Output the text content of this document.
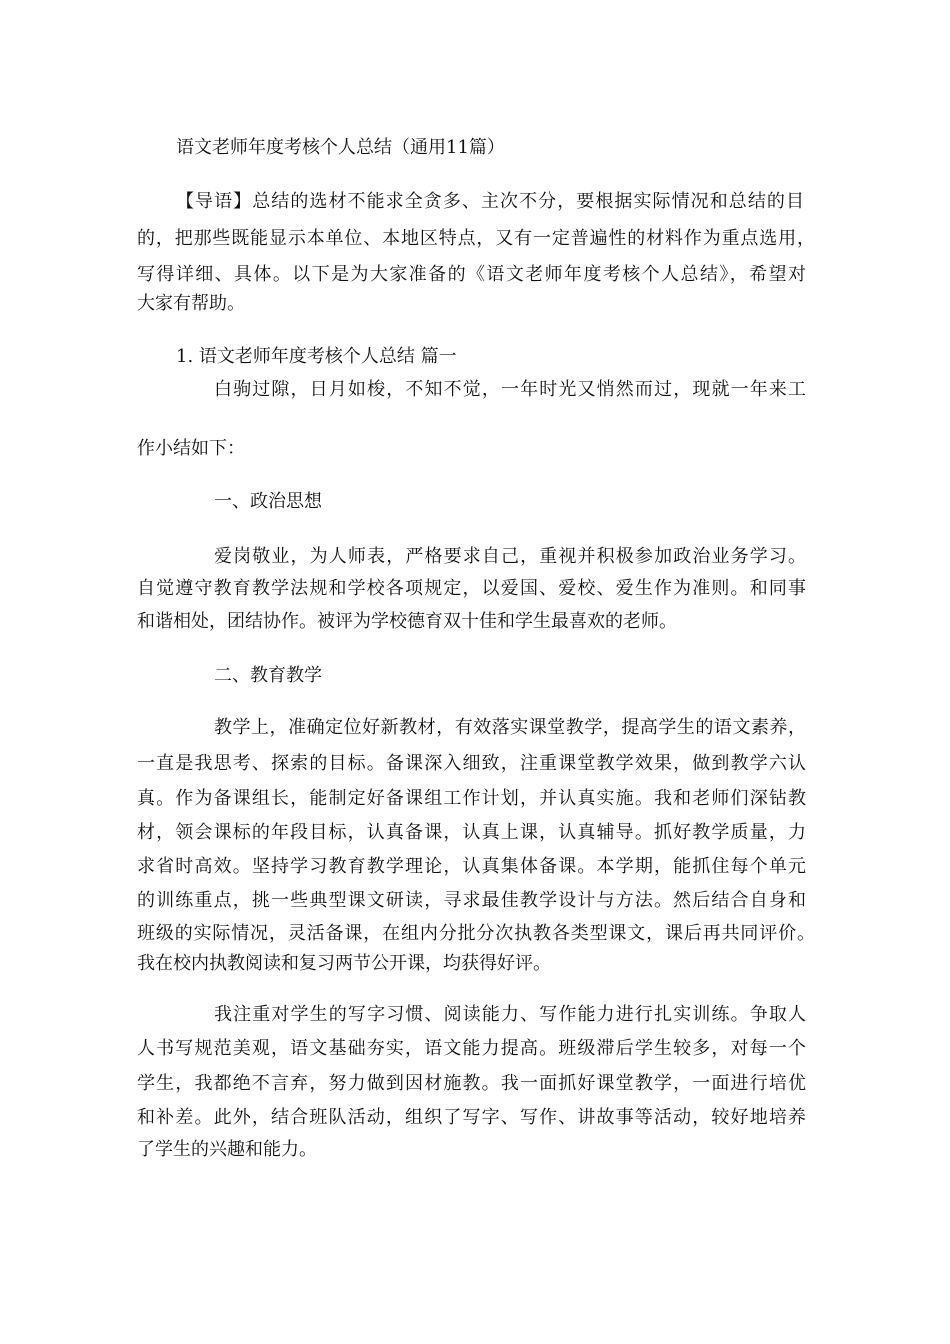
语文老师年度考核个人总结（通用11篇）
【导语】总结的选材不能求全贪多、主次不分，要根据实际情况和总结的目
的，把那些既能显示本单位、本地区特点，又有一定普遍性的材料作为重点选用，
写得详细、具体。以下是为大家准备的《语文老师年度考核个人总结》，希望对
大家有帮助。
1. 语文老师年度考核个人总结 篇一
白驹过隙，日月如梭，不知不觉，一年时光又悄然而过，现就一年来工
作小结如下：
一、政治思想
爱岗敬业，为人师表，严格要求自己，重视并积极参加政治业务学习。
自觉遵守教育教学法规和学校各项规定，以爱国、爱校、爱生作为准则。和同事
和谐相处，团结协作。被评为学校德育双十佳和学生最喜欢的老师。
二、教育教学
教学上，准确定位好新教材，有效落实课堂教学，提高学生的语文素养，
一直是我思考、探索的目标。备课深入细致，注重课堂教学效果，做到教学六认
真。作为备课组长，能制定好备课组工作计划，并认真实施。我和老师们深钻教
材，领会课标的年段目标，认真备课，认真上课，认真辅导。抓好教学质量，力
求省时高效。坚持学习教育教学理论，认真集体备课。本学期，能抓住每个单元
的训练重点，挑一些典型课文研读，寻求最佳教学设计与方法。然后结合自身和
班级的实际情况，灵活备课，在组内分批分次执教各类型课文，课后再共同评价。
我在校内执教阅读和复习两节公开课，均获得好评。
我注重对学生的写字习惯、阅读能力、写作能力进行扎实训练。争取人
人书写规范美观，语文基础夯实，语文能力提高。班级滞后学生较多，对每一个
学生，我都绝不言弃，努力做到因材施教。我一面抓好课堂教学，一面进行培优
和补差。此外，结合班队活动，组织了写字、写作、讲故事等活动，较好地培养
了学生的兴趣和能力。
